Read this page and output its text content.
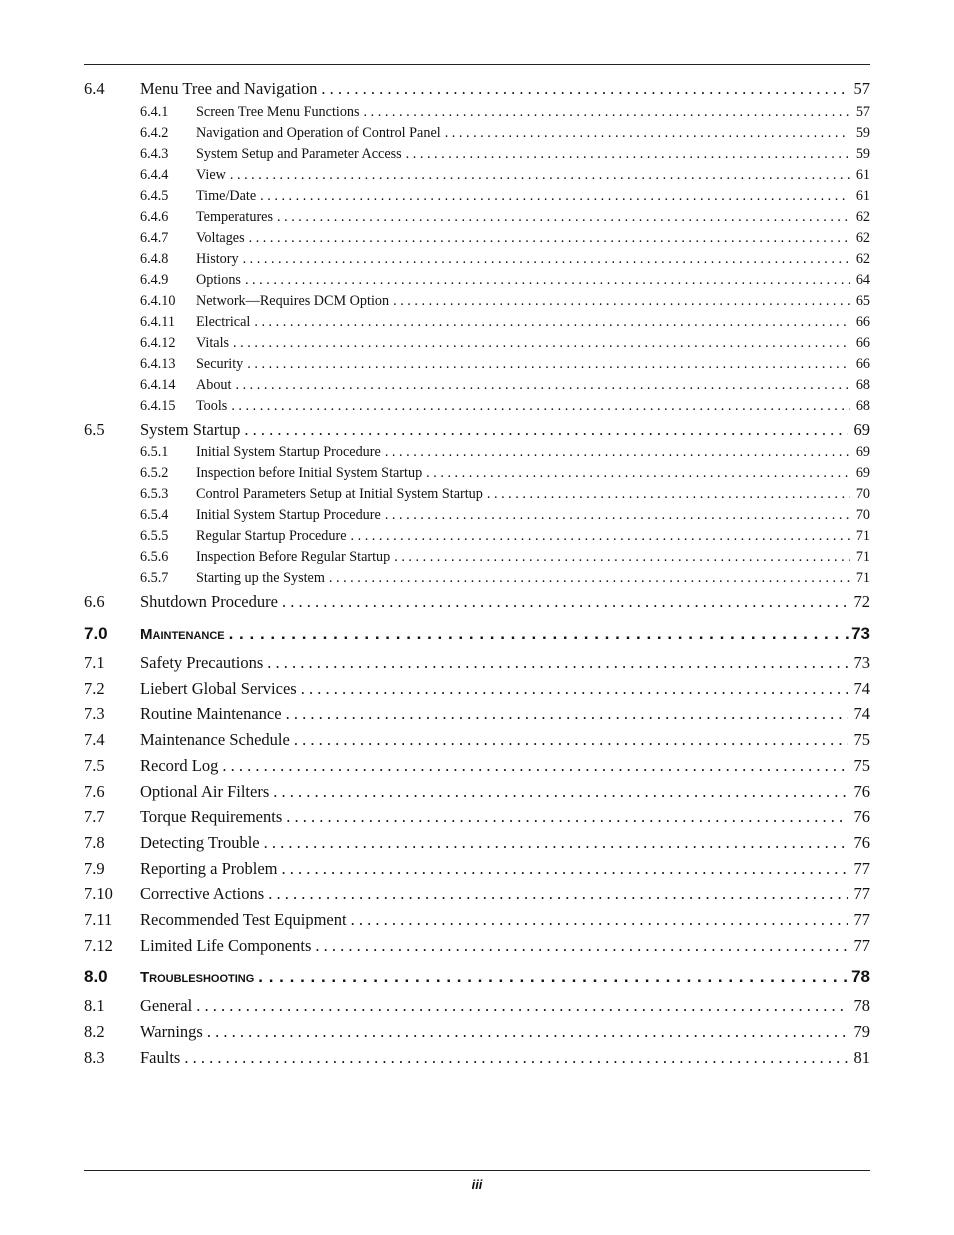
6.4	Menu Tree and Navigation . . .	57
6.4.1	Screen Tree Menu Functions . . .	57
6.4.2	Navigation and Operation of Control Panel . . .	59
6.4.3	System Setup and Parameter Access . . .	59
6.4.4	View . . .	61
6.4.5	Time/Date . . .	61
6.4.6	Temperatures . . .	62
6.4.7	Voltages . . .	62
6.4.8	History . . .	62
6.4.9	Options . . .	64
6.4.10	Network—Requires DCM Option . . .	65
6.4.11	Electrical . . .	66
6.4.12	Vitals . . .	66
6.4.13	Security . . .	66
6.4.14	About . . .	68
6.4.15	Tools . . .	68
6.5	System Startup . . .	69
6.5.1	Initial System Startup Procedure . . .	69
6.5.2	Inspection before Initial System Startup . . .	69
6.5.3	Control Parameters Setup at Initial System Startup . . .	70
6.5.4	Initial System Startup Procedure . . .	70
6.5.5	Regular Startup Procedure . . .	71
6.5.6	Inspection Before Regular Startup . . .	71
6.5.7	Starting up the System . . .	71
6.6	Shutdown Procedure . . .	72
7.0	Maintenance . . .	73
7.1	Safety Precautions . . .	73
7.2	Liebert Global Services . . .	74
7.3	Routine Maintenance . . .	74
7.4	Maintenance Schedule . . .	75
7.5	Record Log . . .	75
7.6	Optional Air Filters . . .	76
7.7	Torque Requirements . . .	76
7.8	Detecting Trouble . . .	76
7.9	Reporting a Problem . . .	77
7.10	Corrective Actions . . .	77
7.11	Recommended Test Equipment . . .	77
7.12	Limited Life Components . . .	77
8.0	Troubleshooting . . .	78
8.1	General . . .	78
8.2	Warnings . . .	79
8.3	Faults . . .	81
iii
